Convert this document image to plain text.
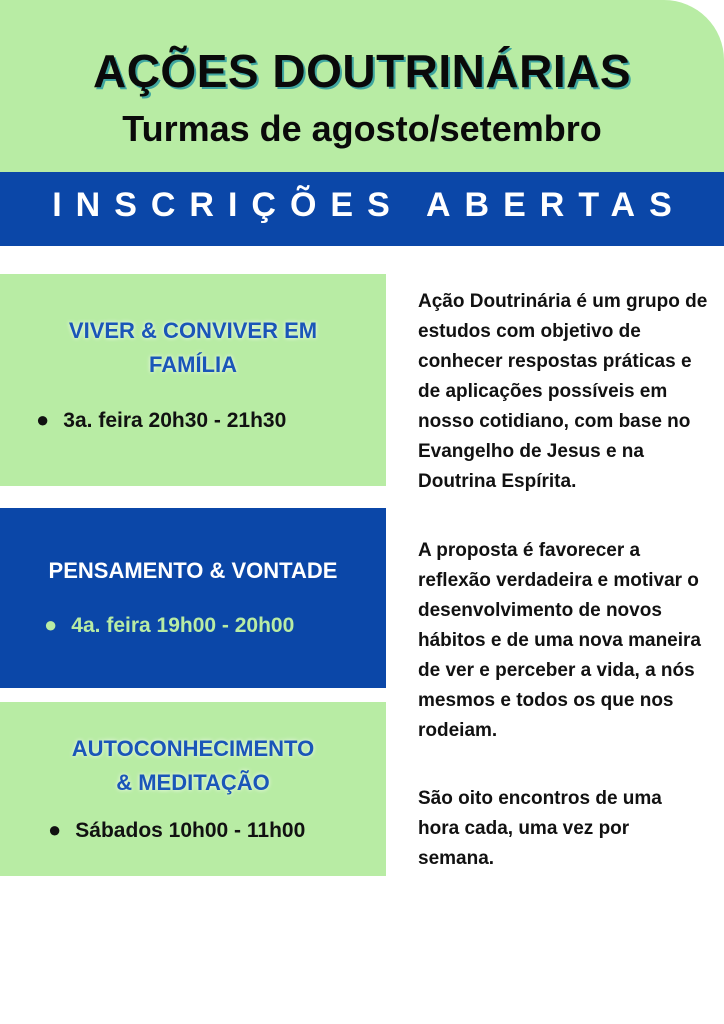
AÇÕES DOUTRINÁRIAS
Turmas de agosto/setembro
INSCRIÇÕES ABERTAS
VIVER & CONVIVER EM
FAMÍLIA
● 3a. feira 20h30 - 21h30
PENSAMENTO & VONTADE
● 4a. feira 19h00 - 20h00
AUTOCONHECIMENTO
& MEDITAÇÃO
● Sábados 10h00 - 11h00
Ação Doutrinária é um grupo de estudos com objetivo de conhecer respostas práticas e de aplicações possíveis em nosso cotidiano, com base no Evangelho de Jesus e na Doutrina Espírita.
A proposta é favorecer a reflexão verdadeira e motivar o desenvolvimento de novos hábitos e de uma nova maneira de ver e perceber a vida, a nós mesmos e todos os que nos rodeiam.
São oito encontros de uma hora cada, uma vez por semana.
